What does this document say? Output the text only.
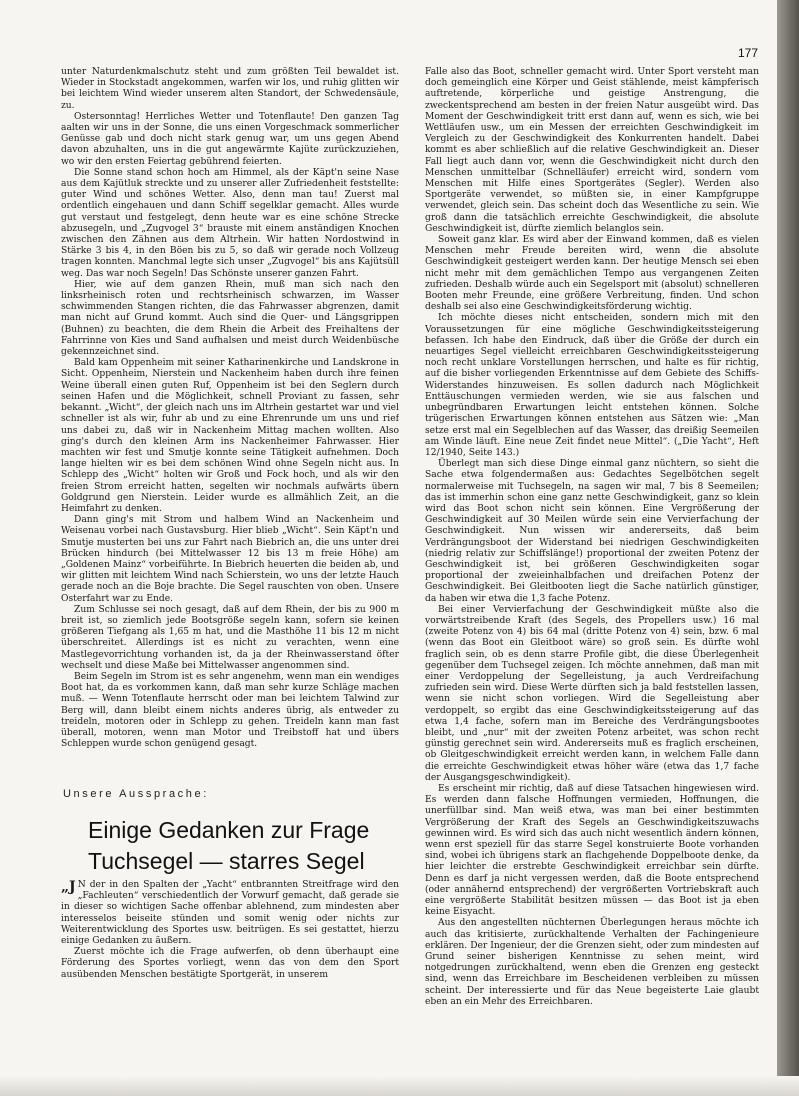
177

unter Naturdenkmalschutz steht und zum größten Teil bewaldet ist. Wieder in Stockstadt angekommen, warfen wir los, und ruhig glitten wir bei leichtem Wind wieder unserem alten Standort, der Schwedensäule, zu.

Ostersonntag! Herrliches Wetter und Totenflaute! Den ganzen Tag aalten wir uns in der Sonne, die uns einen Vorgeschmack sommerlicher Genüsse gab und doch nicht stark genug war, um uns gegen Abend davon abzuhalten, uns in die gut angewärmte Kajüte zurückzuziehen, wo wir den ersten Feiertag gebührend feierten.

Die Sonne stand schon hoch am Himmel, als der Käpt'n seine Nase aus dem Kajütluk streckte und zu unserer aller Zufriedenheit feststellte: guter Wind und schönes Wetter. Also, denn man tau! Zuerst mal ordentlich eingehauen und dann Schiff segelklar gemacht. Alles wurde gut verstaut und festgelegt, denn heute war es eine schöne Strecke abzusegeln, und „Zugvogel 3“ brauste mit einem anständigen Knochen zwischen den Zähnen aus dem Altrhein. Wir hatten Nordostwind in Stärke 3 bis 4, in den Böen bis zu 5, so daß wir gerade noch Vollzeug tragen konnten. Manchmal legte sich unser „Zugvogel“ bis ans Kajütsüll weg. Das war noch Segeln! Das Schönste unserer ganzen Fahrt.

Hier, wie auf dem ganzen Rhein, muß man sich nach den linksrheinisch roten und rechtsrheinisch schwarzen, im Wasser schwimmenden Stangen richten, die das Fahrwasser abgrenzen, damit man nicht auf Grund kommt. Auch sind die Quer- und Längsgrippen (Buhnen) zu beachten, die dem Rhein die Arbeit des Freihaltens der Fahrrinne von Kies und Sand aufhalsen und meist durch Weidenbüsche gekennzeichnet sind.

Bald kam Oppenheim mit seiner Katharinenkirche und Landskrone in Sicht. Oppenheim, Nierstein und Nackenheim haben durch ihre feinen Weine überall einen guten Ruf, Oppenheim ist bei den Seglern durch seinen Hafen und die Möglichkeit, schnell Proviant zu fassen, sehr bekannt. „Wicht“, der gleich nach uns im Altrhein gestartet war und viel schneller ist als wir, fuhr ab und zu eine Ehrenrunde um uns und rief uns dabei zu, daß wir in Nackenheim Mittag machen wollten. Also ging's durch den kleinen Arm ins Nackenheimer Fahrwasser. Hier machten wir fest und Smutje konnte seine Tätigkeit aufnehmen. Doch lange hielten wir es bei dem schönen Wind ohne Segeln nicht aus. In Schlepp des „Wicht“ holten wir Groß und Fock hoch, und als wir den freien Strom erreicht hatten, segelten wir nochmals aufwärts übern Goldgrund gen Nierstein. Leider wurde es allmählich Zeit, an die Heimfahrt zu denken.

Dann ging's mit Strom und halbem Wind an Nackenheim und Weisenau vorbei nach Gustavsburg. Hier blieb „Wicht“. Sein Käpt'n und Smutje musterten bei uns zur Fahrt nach Biebrich an, die uns unter drei Brücken hindurch (bei Mittelwasser 12 bis 13 m freie Höhe) am „Goldenen Mainz“ vorbeiführte. In Biebrich heuerten die beiden ab, und wir glitten mit leichtem Wind nach Schierstein, wo uns der letzte Hauch gerade noch an die Boje brachte. Die Segel rauschten von oben. Unsere Osterfahrt war zu Ende.

Zum Schlusse sei noch gesagt, daß auf dem Rhein, der bis zu 900 m breit ist, so ziemlich jede Bootsgröße segeln kann, sofern sie keinen größeren Tiefgang als 1,65 m hat, und die Masthöhe 11 bis 12 m nicht überschreitet. Allerdings ist es nicht zu verachten, wenn eine Mastlegevorrichtung vorhanden ist, da ja der Rheinwasserstand öfter wechselt und diese Maße bei Mittelwasser angenommen sind.

Beim Segeln im Strom ist es sehr angenehm, wenn man ein wendiges Boot hat, da es vorkommen kann, daß man sehr kurze Schläge machen muß. — Wenn Totenflaute herrscht oder man bei leichtem Talwind zur Berg will, dann bleibt einem nichts anderes übrig, als entweder zu treideln, motoren oder in Schlepp zu gehen. Treideln kann man fast überall, motoren, wenn man Motor und Treibstoff hat und übers Schleppen wurde schon genügend gesagt.

Unsere Aussprache:
Einige Gedanken zur Frage
Tuchsegel — starres Segel

„J N der in den Spalten der „Yacht“ entbrannten Streitfrage wird den „Fachleuten“ verschiedentlich der Vorwurf gemacht, daß gerade sie in dieser so wichtigen Sache offenbar ablehnend, zum mindesten aber interesselos beiseite stünden und somit wenig oder nichts zur Weiterentwicklung des Sportes usw. beitrügen. Es sei gestattet, hierzu einige Gedanken zu äußern.

Zuerst möchte ich die Frage aufwerfen, ob denn überhaupt eine Förderung des Sportes vorliegt, wenn das von dem den Sport ausübenden Menschen bestätigte Sportgerät, in unserem

Falle also das Boot, schneller gemacht wird. Unter Sport versteht man doch gemeinglich eine Körper und Geist stählende, meist kämpferisch auftretende, körperliche und geistige Anstrengung, die zweckentsprechend am besten in der freien Natur ausgeübt wird. Das Moment der Geschwindigkeit tritt erst dann auf, wenn es sich, wie bei Wettläufen usw., um ein Messen der erreichten Geschwindigkeit im Vergleich zu der Geschwindigkeit des Konkurrenten handelt. Dabei kommt es aber schließlich auf die relative Geschwindigkeit an. Dieser Fall liegt auch dann vor, wenn die Geschwindigkeit nicht durch den Menschen unmittelbar (Schnelläufer) erreicht wird, sondern vom Menschen mit Hilfe eines Sportgerätes (Segler). Werden also Sportgeräte verwendet, so müßten sie, in einer Kampfgruppe verwendet, gleich sein. Das scheint doch das Wesentliche zu sein. Wie groß dann die tatsächlich erreichte Geschwindigkeit, die absolute Geschwindigkeit ist, dürfte ziemlich belanglos sein.

Soweit ganz klar. Es wird aber der Einwand kommen, daß es vielen Menschen mehr Freude bereiten wird, wenn die absolute Geschwindigkeit gesteigert werden kann. Der heutige Mensch sei eben nicht mehr mit dem gemächlichen Tempo aus vergangenen Zeiten zufrieden. Deshalb würde auch ein Segelsport mit (absolut) schnelleren Booten mehr Freunde, eine größere Verbreitung, finden. Und schon deshalb sei also eine Geschwindigkeitsförderung wichtig.

Ich möchte dieses nicht entscheiden, sondern mich mit den Voraussetzungen für eine mögliche Geschwindigkeitssteigerung befassen. Ich habe den Eindruck, daß über die Größe der durch ein neuartiges Segel vielleicht erreichbaren Geschwindigkeitssteigerung noch recht unklare Vorstellungen herrschen, und halte es für richtig, auf die bisher vorliegenden Erkenntnisse auf dem Gebiete des Schiffs-Widerstandes hinzuweisen. Es sollen dadurch nach Möglichkeit Enttäuschungen vermieden werden, wie sie aus falschen und unbegründbaren Erwartungen leicht entstehen können. Solche trügerischen Erwartungen können entstehen aus Sätzen wie: „Man setze erst mal ein Segelblechen auf das Wasser, das dreißig Seemeilen am Winde läuft. Eine neue Zeit findet neue Mittel“. („Die Yacht“, Heft 12/1940, Seite 143.)

Überlegt man sich diese Dinge einmal ganz nüchtern, so sieht die Sache etwa folgendermaßen aus: Gedachtes Segelbötchen segelt normalerweise mit Tuchsegeln, na sagen wir mal, 7 bis 8 Seemeilen; das ist immerhin schon eine ganz nette Geschwindigkeit, ganz so klein wird das Boot schon nicht sein können. Eine Vergrößerung der Geschwindigkeit auf 30 Meilen würde sein eine Vervierfachung der Geschwindigkeit. Nun wissen wir andererseits, daß beim Verdrängungsboot der Widerstand bei niedrigen Geschwindigkeiten (niedrig relativ zur Schiffslänge!) proportional der zweiten Potenz der Geschwindigkeit ist, bei größeren Geschwindigkeiten sogar proportional der zweieinhalbfachen und dreifachen Potenz der Geschwindigkeit. Bei Gleitbooten liegt die Sache natürlich günstiger, da haben wir etwa die 1,3 fache Potenz.

Bei einer Vervierfachung der Geschwindigkeit müßte also die vorwärtstreibende Kraft (des Segels, des Propellers usw.) 16 mal (zweite Potenz von 4) bis 64 mal (dritte Potenz von 4) sein, bzw. 6 mal (wenn das Boot ein Gleitboot wäre) so groß sein. Es dürfte wohl fraglich sein, ob es denn starre Profile gibt, die diese Überlegenheit gegenüber dem Tuchsegel zeigen. Ich möchte annehmen, daß man mit einer Verdoppelung der Segelleistung, ja auch Verdreifachung zufrieden sein wird. Diese Werte dürften sich ja bald feststellen lassen, wenn sie nicht schon vorliegen. Wird die Segelleistung aber verdoppelt, so ergibt das eine Geschwindigkeitssteigerung auf das etwa 1,4 fache, sofern man im Bereiche des Verdrängungsbootes bleibt, und „nur“ mit der zweiten Potenz arbeitet, was schon recht günstig gerechnet sein wird. Andererseits muß es fraglich erscheinen, ob Gleitgeschwindigkeit erreicht werden kann, in welchem Falle dann die erreichte Geschwindigkeit etwas höher wäre (etwa das 1,7 fache der Ausgangsgeschwindigkeit).

Es erscheint mir richtig, daß auf diese Tatsachen hingewiesen wird. Es werden dann falsche Hoffnungen vermieden, Hoffnungen, die unerfüllbar sind. Man weiß etwa, was man bei einer bestimmten Vergrößerung der Kraft des Segels an Geschwindigkeitszuwachs gewinnen wird. Es wird sich das auch nicht wesentlich ändern können, wenn erst speziell für das starre Segel konstruierte Boote vorhanden sind, wobei ich übrigens stark an flachgehende Doppelboote denke, da hier leichter die erstrebte Geschwindigkeit erreichbar sein dürfte. Denn es darf ja nicht vergessen werden, daß die Boote entsprechend (oder annähernd entsprechend) der vergrößerten Vortriebskraft auch eine vergrößerte Stabilität besitzen müssen — das Boot ist ja eben keine Eisyacht.

Aus den angestellten nüchternen Überlegungen heraus möchte ich auch das kritisierte, zurückhaltende Verhalten der Fachingenieure erklären. Der Ingenieur, der die Grenzen sieht, oder zum mindesten auf Grund seiner bisherigen Kenntnisse zu sehen meint, wird notgedrungen zurückhaltend, wenn eben die Grenzen eng gesteckt sind, wenn das Erreichbare im Bescheidenen verbleiben zu müssen scheint. Der interessierte und für das Neue begeisterte Laie glaubt eben an ein Mehr des Erreichbaren.
